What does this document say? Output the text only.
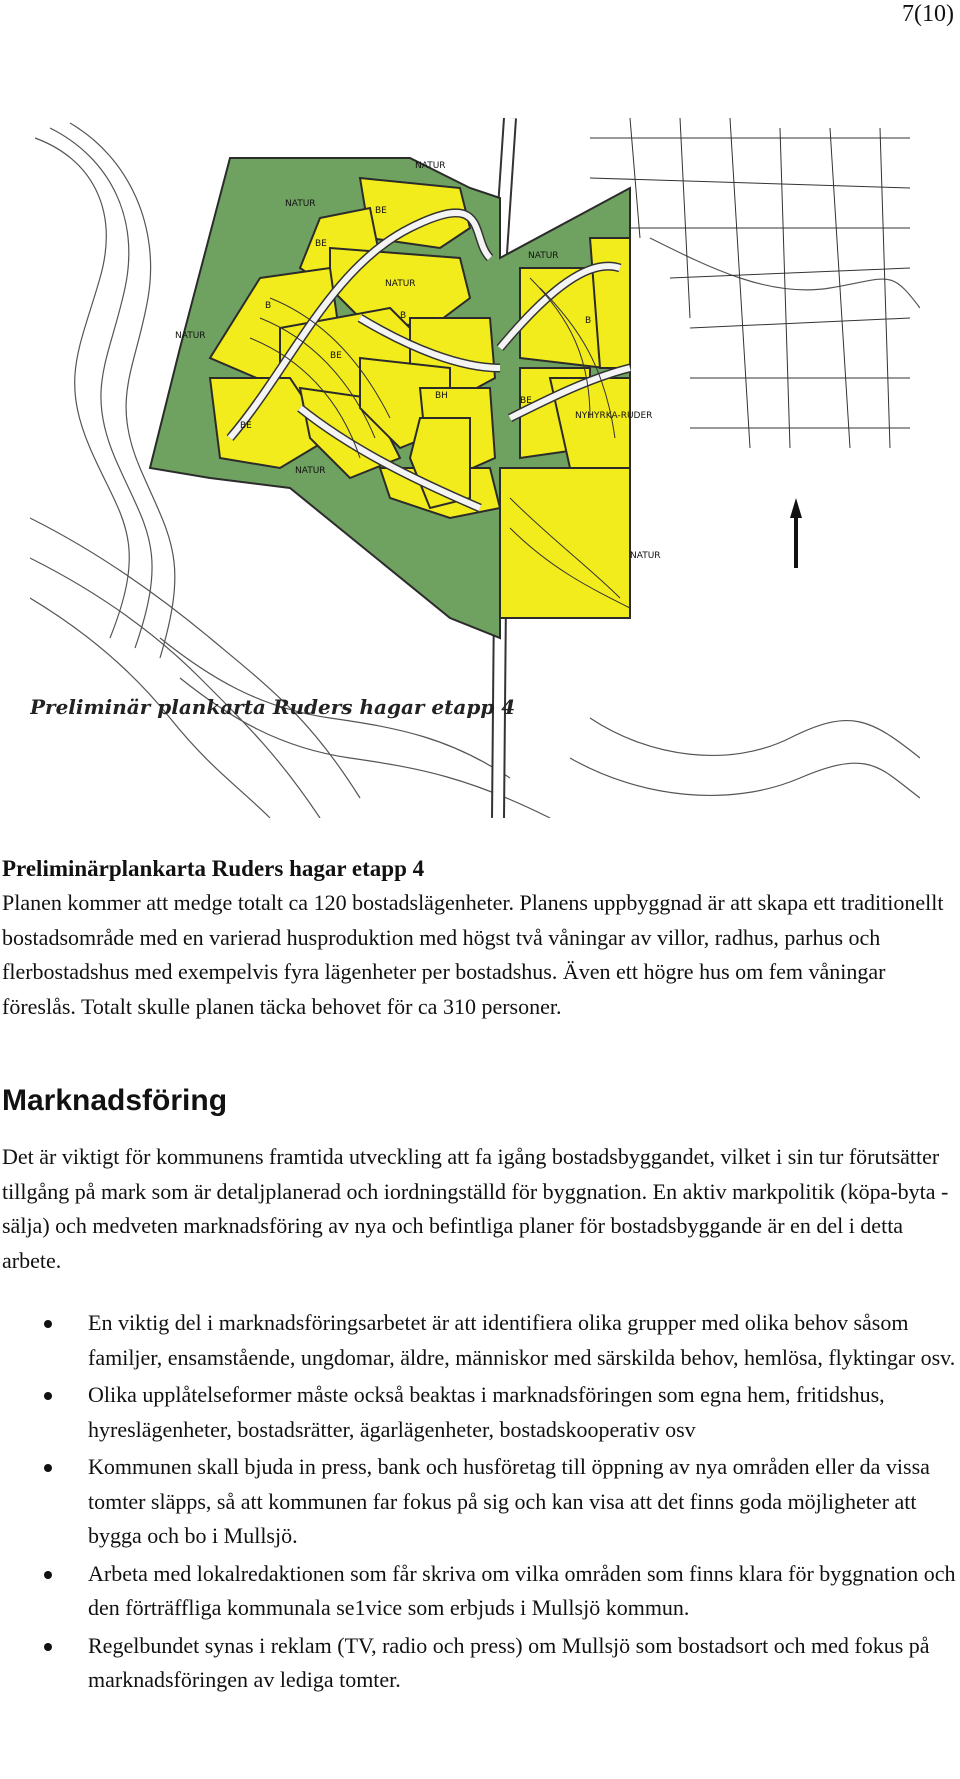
7(10)
NATUR
NATUR
NATUR
NATUR
NATUR
NATUR
NATUR
BE
BE
BE
BE
BE
B
B
B
BH
NYHYRKA-RUDER
Preliminär plankarta Ruders hagar etapp 4
Preliminärplankarta Ruders hagar etapp 4
Planen kommer att medge totalt ca 120 bostadslägenheter. Planens uppbyggnad är att skapa ett traditionellt bostadsområde med en varierad husproduktion med högst två våningar av villor, radhus, parhus och flerbostadshus med exempelvis fyra lägenheter per bostadshus. Även ett högre hus om fem våningar föreslås. Totalt skulle planen täcka behovet för ca 310 personer.
Marknadsföring
Det är viktigt för kommunens framtida utveckling att fa igång bostadsbyggandet, vilket i sin tur förutsätter tillgång på mark som är detaljplanerad och iordningställd för byggnation. En aktiv markpolitik (köpa-byta - sälja) och medveten marknadsföring av nya och befintliga planer för bostadsbyggande är en del i detta arbete.
En viktig del i marknadsföringsarbetet är att identifiera olika grupper med olika behov såsom familjer, ensamstående, ungdomar, äldre, människor med särskilda behov, hemlösa, flyktingar osv.
Olika upplåtelseformer måste också beaktas i marknadsföringen som egna hem, fritidshus, hyreslägenheter, bostadsrätter, ägarlägenheter, bostadskooperativ osv
Kommunen skall bjuda in press, bank och husföretag till öppning av nya områden eller da vissa tomter släpps, så att kommunen far fokus på sig och kan visa att det finns goda möjligheter att bygga och bo i Mullsjö.
Arbeta med lokalredaktionen som får skriva om vilka områden som finns klara för byggnation och den förträffliga kommunala se1vice som erbjuds i Mullsjö kommun.
Regelbundet synas i reklam (TV, radio och press) om Mullsjö som bostadsort och med fokus på marknadsföringen av lediga tomter.
